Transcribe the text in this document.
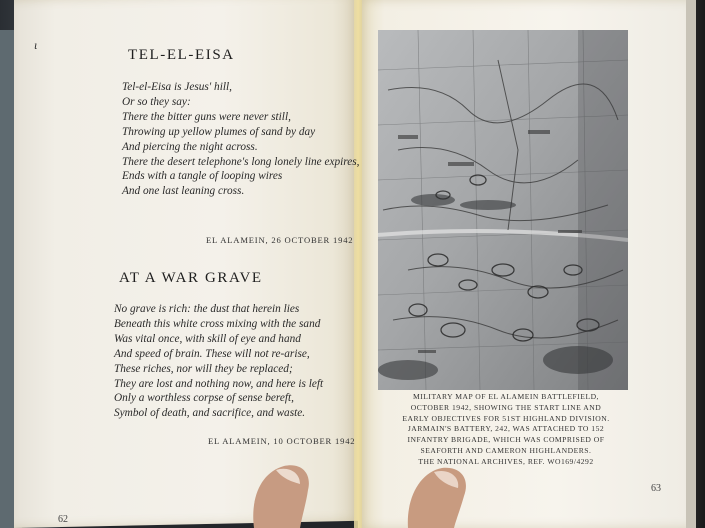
ι
TEL-EL-EISA
Tel-el-Eisa is Jesus' hill,
Or so they say:
There the bitter guns were never still,
Throwing up yellow plumes of sand by day
And piercing the night across.
There the desert telephone's long lonely line expires,
Ends with a tangle of looping wires
And one last leaning cross.

EL ALAMEIN, 26 OCTOBER 1942

AT A WAR GRAVE
No grave is rich: the dust that herein lies
Beneath this white cross mixing with the sand
Was vital once, with skill of eye and hand
And speed of brain. These will not re-arise,
These riches, nor will they be replaced;
They are lost and nothing now, and here is left
Only a worthless corpse of sense bereft,
Symbol of death, and sacrifice, and waste.

EL ALAMEIN, 10 OCTOBER 1942

62

MILITARY MAP OF EL ALAMEIN BATTLEFIELD,
OCTOBER 1942, SHOWING THE START LINE AND
EARLY OBJECTIVES FOR 51ST HIGHLAND DIVISION.
JARMAIN'S BATTERY, 242, WAS ATTACHED TO 152
INFANTRY BRIGADE, WHICH WAS COMPRISED OF
SEAFORTH AND CAMERON HIGHLANDERS.
THE NATIONAL ARCHIVES, REF. WO169/4292

63
